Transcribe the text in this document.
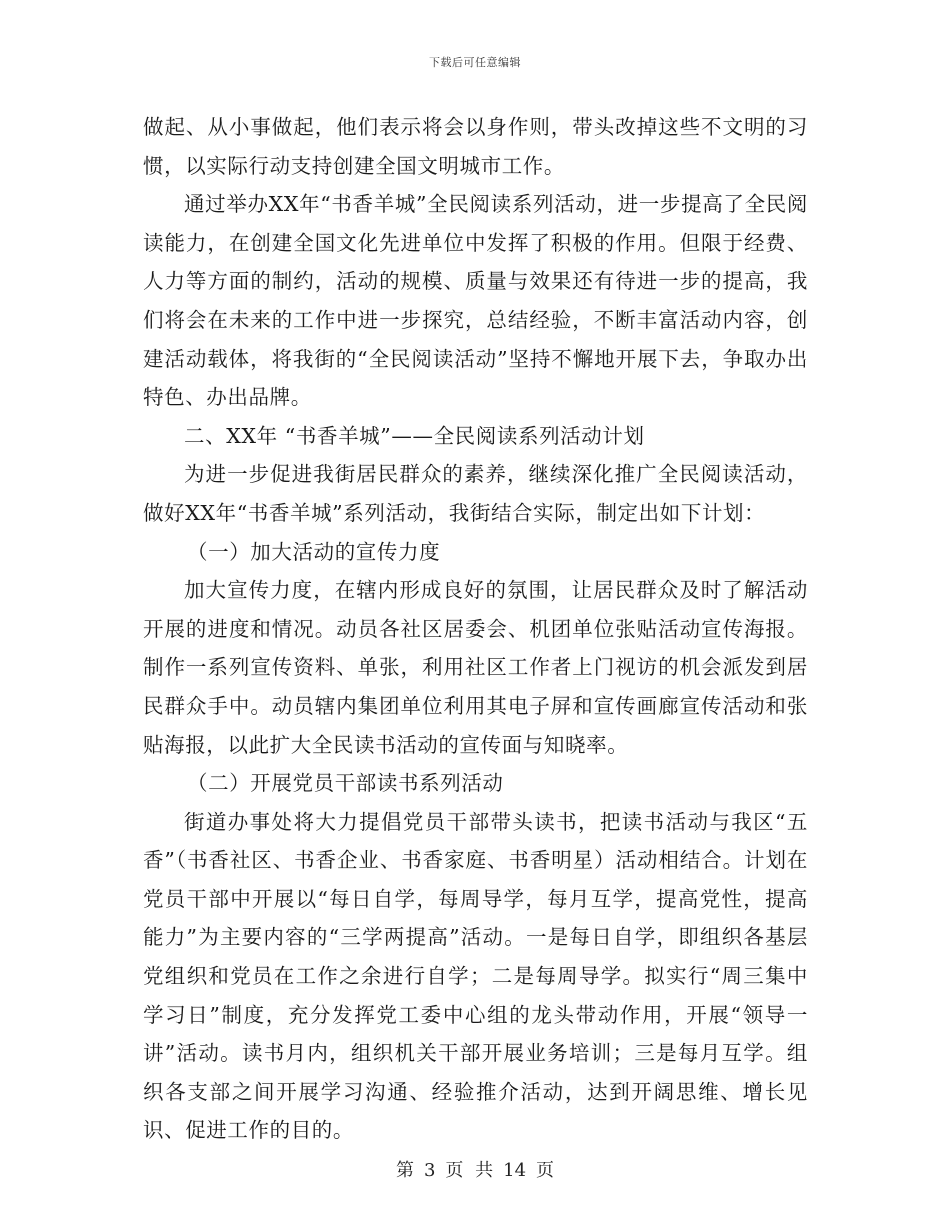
下载后可任意编辑

做起、从小事做起，他们表示将会以身作则，带头改掉这些不文明的习惯，以实际行动支持创建全国文明城市工作。

通过举办XX年“书香羊城”全民阅读系列活动，进一步提高了全民阅读能力，在创建全国文化先进单位中发挥了积极的作用。但限于经费、人力等方面的制约，活动的规模、质量与效果还有待进一步的提高，我们将会在未来的工作中进一步探究，总结经验，不断丰富活动内容，创建活动载体，将我街的“全民阅读活动”坚持不懈地开展下去，争取办出特色、办出品牌。

二、XX年 “书香羊城”——全民阅读系列活动计划

为进一步促进我街居民群众的素养，继续深化推广全民阅读活动，做好XX年“书香羊城”系列活动，我街结合实际，制定出如下计划：

（一）加大活动的宣传力度

加大宣传力度，在辖内形成良好的氛围，让居民群众及时了解活动开展的进度和情况。动员各社区居委会、机团单位张贴活动宣传海报。制作一系列宣传资料、单张，利用社区工作者上门视访的机会派发到居民群众手中。动员辖内集团单位利用其电子屏和宣传画廊宣传活动和张贴海报，以此扩大全民读书活动的宣传面与知晓率。

（二）开展党员干部读书系列活动

街道办事处将大力提倡党员干部带头读书，把读书活动与我区“五香”（书香社区、书香企业、书香家庭、书香明星）活动相结合。计划在党员干部中开展以“每日自学，每周导学，每月互学，提高党性，提高能力”为主要内容的“三学两提高”活动。一是每日自学，即组织各基层党组织和党员在工作之余进行自学；二是每周导学。拟实行“周三集中学习日”制度，充分发挥党工委中心组的龙头带动作用，开展“领导一讲”活动。读书月内，组织机关干部开展业务培训；三是每月互学。组织各支部之间开展学习沟通、经验推介活动，达到开阔思维、增长见识、促进工作的目的。

第 3 页 共 14 页
